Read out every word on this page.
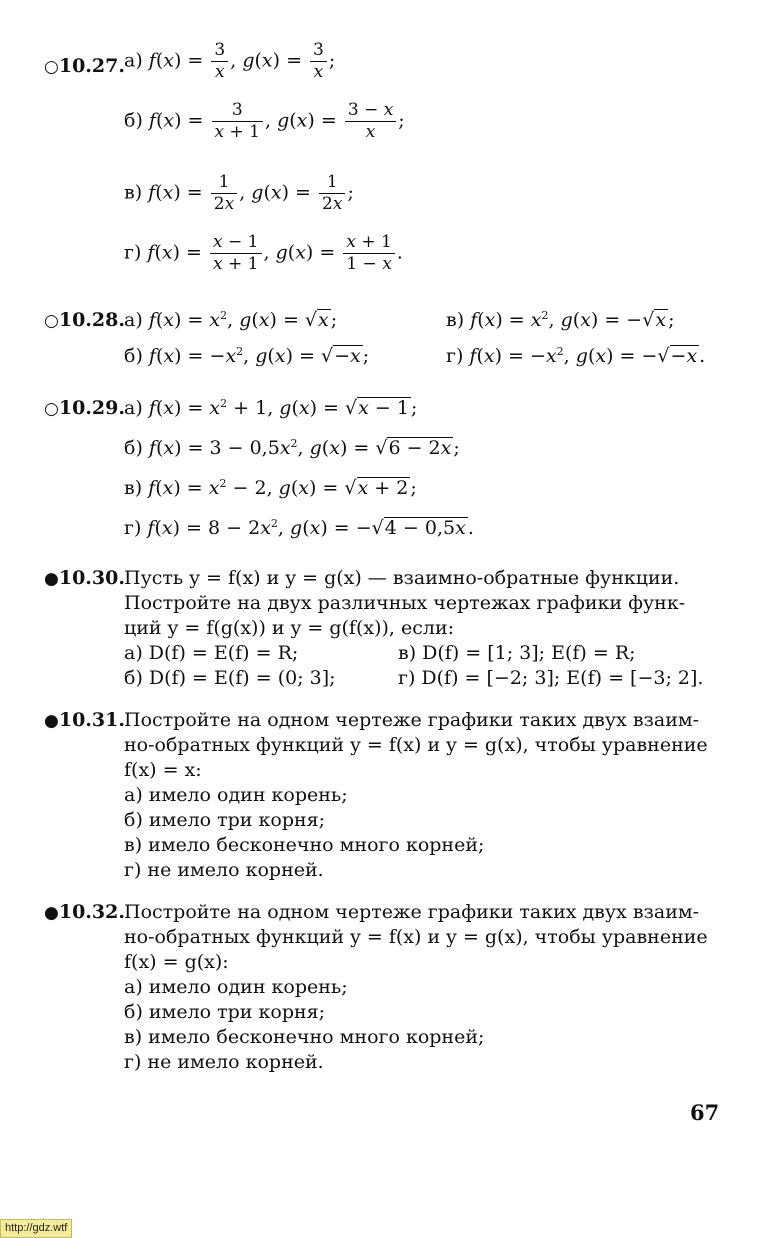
○10.27. а) $f(x) = \frac{3}{x}$ , $g(x) = \frac{3}{x}$ ;
б) $f(x) = \frac{3}{x + 1}$ , $g(x) = \frac{3 - x}{x}$ ;
в) $f(x) = \frac{1}{2x}$ , $g(x) = \frac{1}{2x}$ ;
г) $f(x) = \frac{x - 1}{x + 1}$ , $g(x) = \frac{x + 1}{1 - x}$ .
○10.28. а) $f(x) = x^2$, g(x) = √x ;	в) $f(x) = x^2$, g(x) = −√x ;
б) $f(x) = -x^2$, g(x) = √−x ;	г) $f(x) = -x^2$, g(x) = −√−x .
○10.29. а) $f(x) = x^2 + 1$, g(x) = √x − 1 ;
б) $f(x) = 3 - 0,5x^2$, g(x) = √6 − 2x ;
в) $f(x) = x^2 - 2$, g(x) = √x + 2 ;
г) $f(x) = 8 - 2x^2$, g(x) = −√4 − 0,5x .
●10.30. Пусть y = f(x) и y = g(x) — взаимно-обратные функции.
Постройте на двух различных чертежах графики функ-
ций y = f(g(x)) и y = g(f(x)), если:
а) D(f) = E(f) = R;	в) D(f) = [1; 3]; E(f) = R;
б) D(f) = E(f) = (0; 3];	г) D(f) = [−2; 3]; E(f) = [−3; 2].
●10.31. Постройте на одном чертеже графики таких двух взаим-
но-обратных функций y = f(x) и y = g(x), чтобы уравнение
f(x) = x:
а) имело один корень;
б) имело три корня;
в) имело бесконечно много корней;
г) не имело корней.
●10.32. Постройте на одном чертеже графики таких двух взаим-
но-обратных функций y = f(x) и y = g(x), чтобы уравнение
f(x) = g(x):
а) имело один корень;
б) имело три корня;
в) имело бесконечно много корней;
г) не имело корней.
67
http://gdz.wtf
